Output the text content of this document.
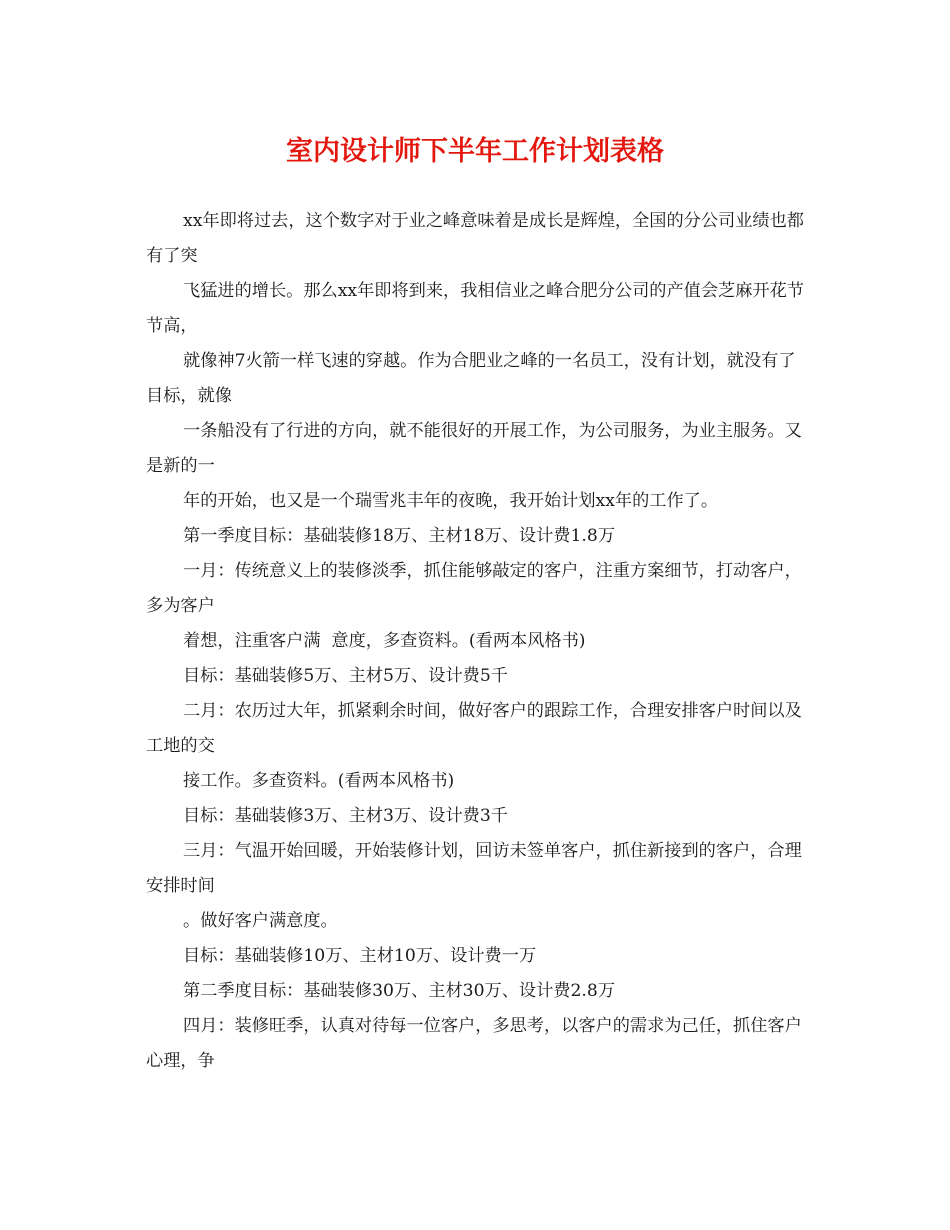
室内设计师下半年工作计划表格

xx年即将过去，这个数字对于业之峰意味着是成长是辉煌，全国的分公司业绩也都有了突

飞猛进的增长。那么xx年即将到来，我相信业之峰合肥分公司的产值会芝麻开花节节高，

就像神7火箭一样飞速的穿越。作为合肥业之峰的一名员工，没有计划，就没有了目标，就像

一条船没有了行进的方向，就不能很好的开展工作，为公司服务，为业主服务。又是新的一

年的开始，也又是一个瑞雪兆丰年的夜晚，我开始计划xx年的工作了。

第一季度目标：基础装修18万、主材18万、设计费1.8万

一月：传统意义上的装修淡季，抓住能够敲定的客户，注重方案细节，打动客户，多为客户

着想，注重客户满  意度，多查资料。(看两本风格书)

目标：基础装修5万、主材5万、设计费5千

二月：农历过大年，抓紧剩余时间，做好客户的跟踪工作，合理安排客户时间以及工地的交

接工作。多查资料。(看两本风格书)

目标：基础装修3万、主材3万、设计费3千

三月：气温开始回暖，开始装修计划，回访未签单客户，抓住新接到的客户，合理安排时间

。做好客户满意度。

目标：基础装修10万、主材10万、设计费一万

第二季度目标：基础装修30万、主材30万、设计费2.8万

四月：装修旺季，认真对待每一位客户，多思考，以客户的需求为己任，抓住客户心理，争
